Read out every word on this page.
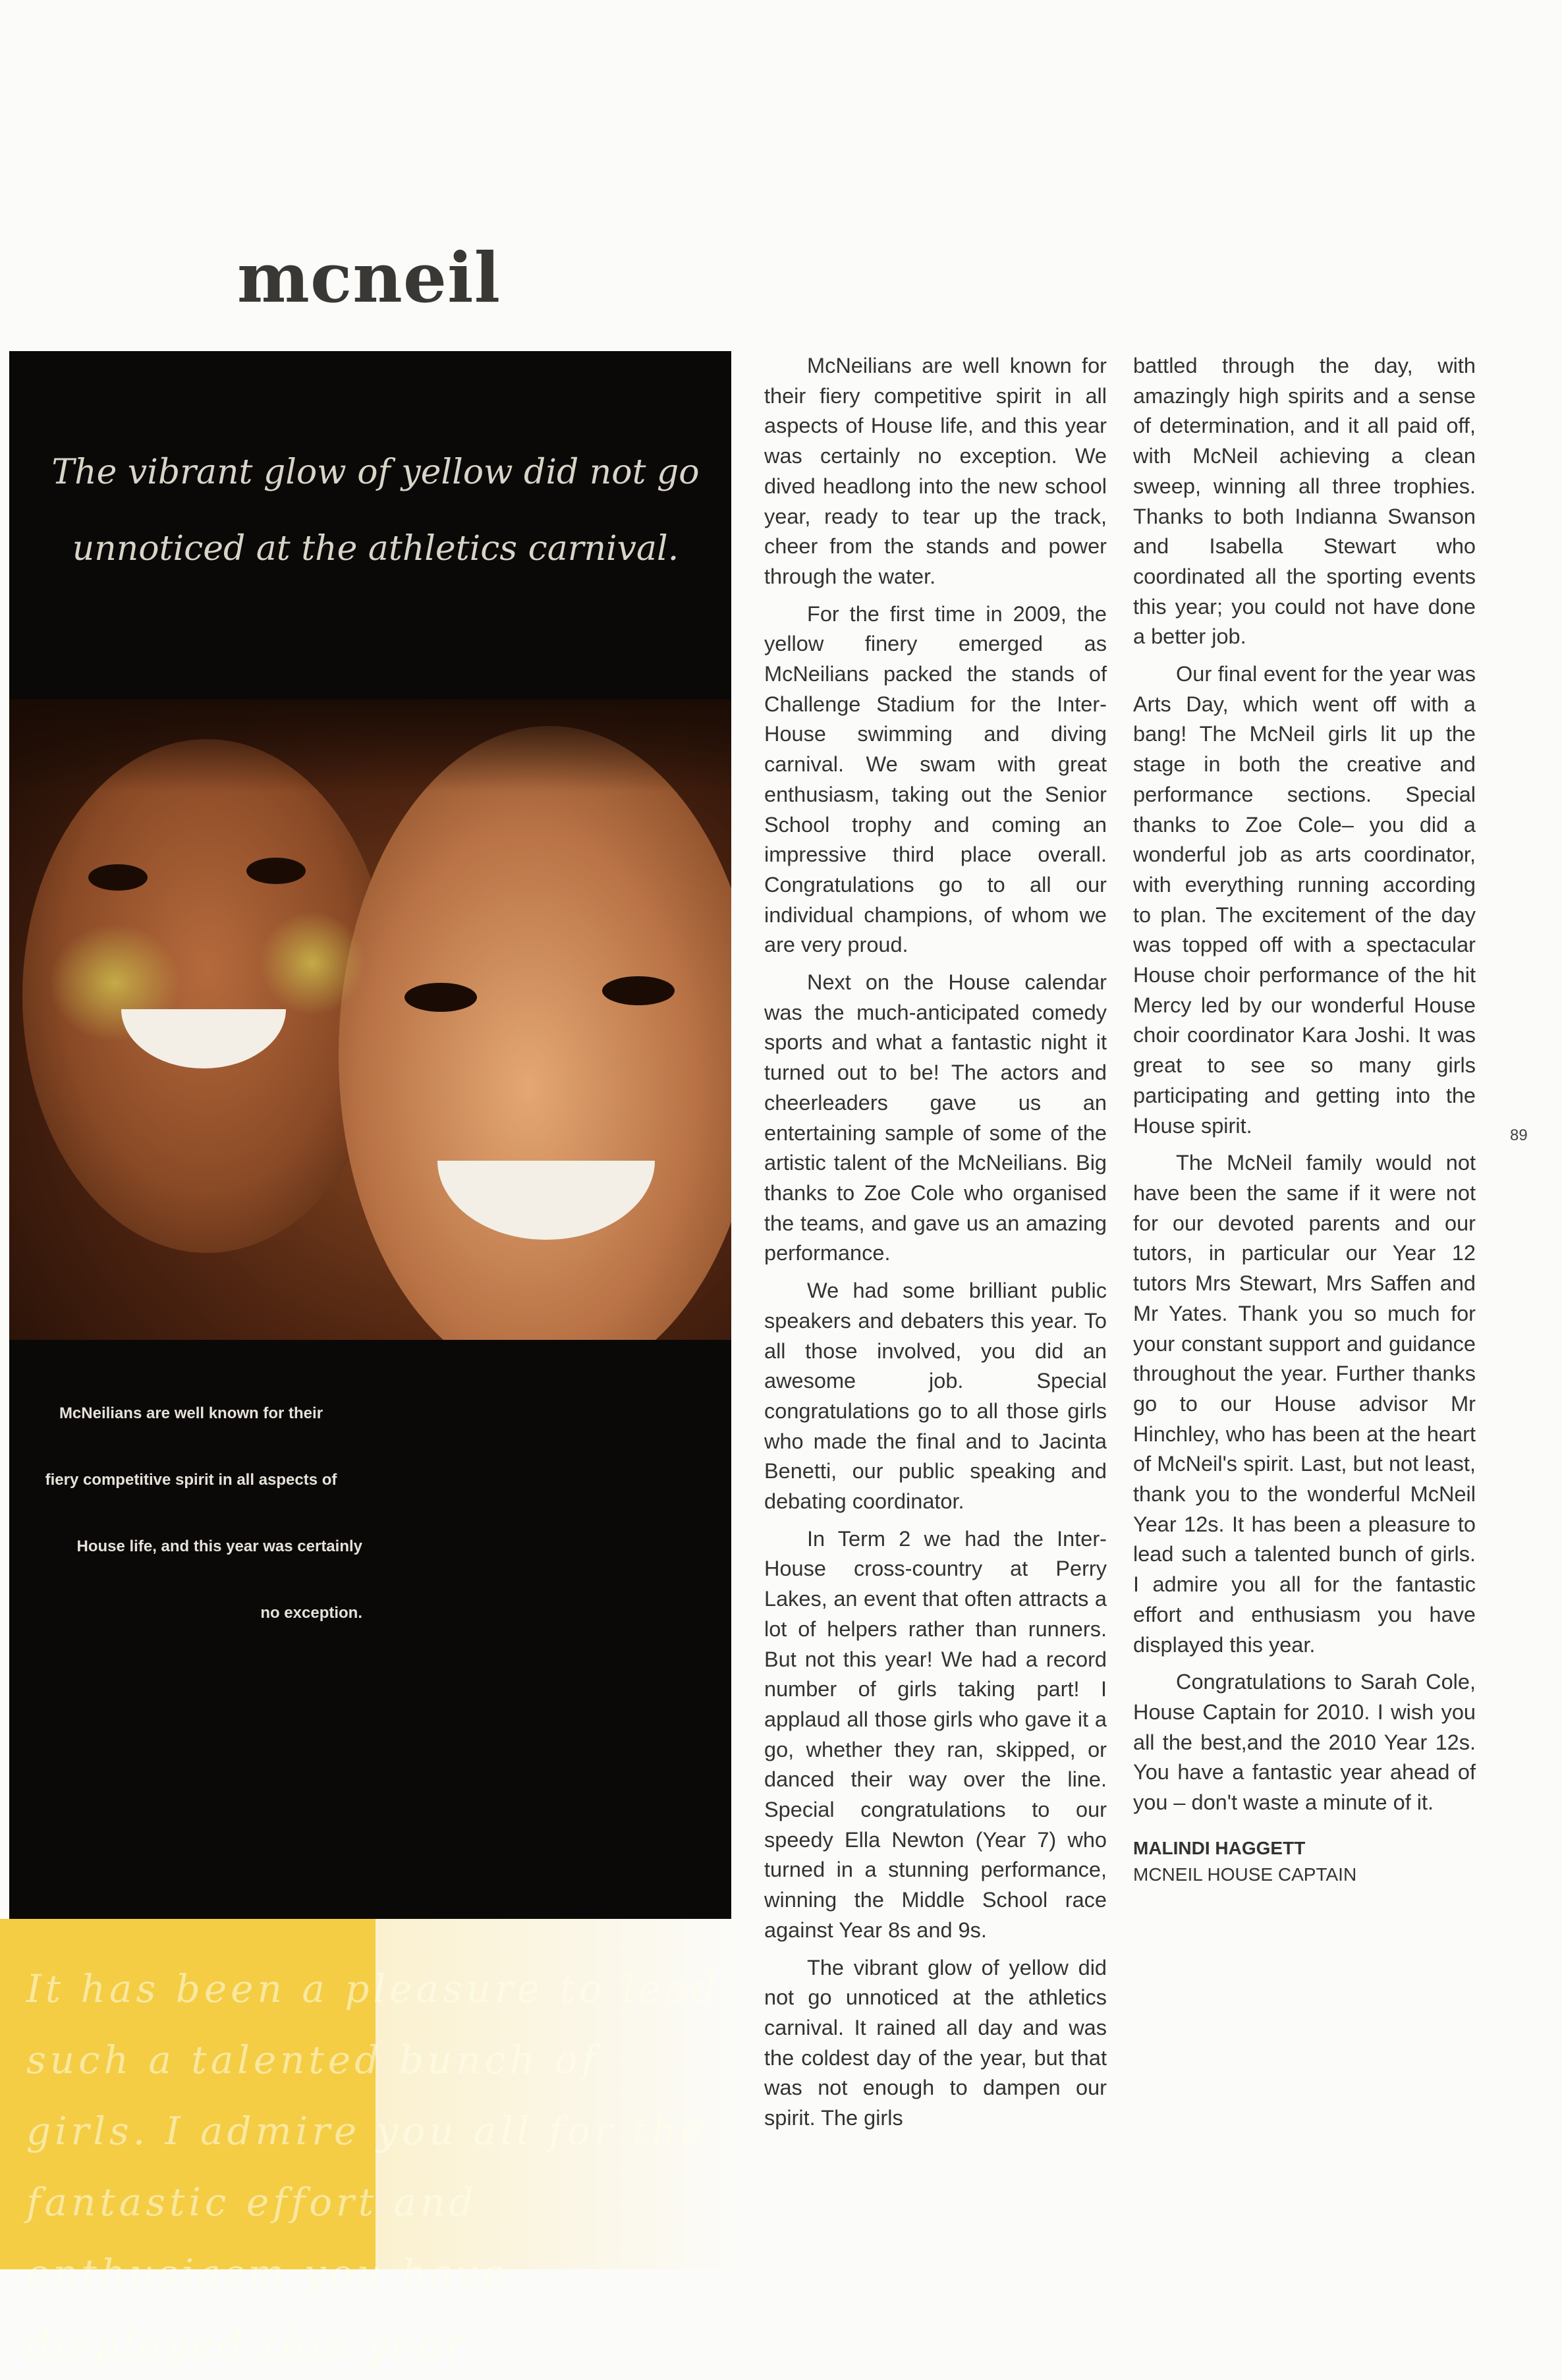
mcneil
The vibrant glow of yellow did not go unnoticed at the athletics carnival.
McNeilians are well known for their
fiery competitive spirit in all aspects of
House life, and this year was certainly
no exception.
It has been a pleasure to lead such a talented bunch of girls. I admire you all for the fantastic effort and enthusiasm you have displayed this year.

McNeilians are well known for their fiery competitive spirit in all aspects of House life, and this year was certainly no exception. We dived headlong into the new school year, ready to tear up the track, cheer from the stands and power through the water.

For the first time in 2009, the yellow finery emerged as McNeilians packed the stands of Challenge Stadium for the Inter-House swimming and diving carnival. We swam with great enthusiasm, taking out the Senior School trophy and coming an impressive third place overall. Congratulations go to all our individual champions, of whom we are very proud.

Next on the House calendar was the much-anticipated comedy sports and what a fantastic night it turned out to be! The actors and cheerleaders gave us an entertaining sample of some of the artistic talent of the McNeilians. Big thanks to Zoe Cole who organised the teams, and gave us an amazing performance.

We had some brilliant public speakers and debaters this year. To all those involved, you did an awesome job. Special congratulations go to all those girls who made the final and to Jacinta Benetti, our public speaking and debating coordinator.

In Term 2 we had the Inter-House cross-country at Perry Lakes, an event that often attracts a lot of helpers rather than runners. But not this year! We had a record number of girls taking part! I applaud all those girls who gave it a go, whether they ran, skipped, or danced their way over the line. Special congratulations to our speedy Ella Newton (Year 7) who turned in a stunning performance, winning the Middle School race against Year 8s and 9s.

The vibrant glow of yellow did not go unnoticed at the athletics carnival. It rained all day and was the coldest day of the year, but that was not enough to dampen our spirit. The girls

battled through the day, with amazingly high spirits and a sense of determination, and it all paid off, with McNeil achieving a clean sweep, winning all three trophies. Thanks to both Indianna Swanson and Isabella Stewart who coordinated all the sporting events this year; you could not have done a better job.

Our final event for the year was Arts Day, which went off with a bang! The McNeil girls lit up the stage in both the creative and performance sections. Special thanks to Zoe Cole– you did a wonderful job as arts coordinator, with everything running according to plan. The excitement of the day was topped off with a spectacular House choir performance of the hit Mercy led by our wonderful House choir coordinator Kara Joshi. It was great to see so many girls participating and getting into the House spirit.

The McNeil family would not have been the same if it were not for our devoted parents and our tutors, in particular our Year 12 tutors Mrs Stewart, Mrs Saffen and Mr Yates. Thank you so much for your constant support and guidance throughout the year. Further thanks go to our House advisor Mr Hinchley, who has been at the heart of McNeil's spirit. Last, but not least, thank you to the wonderful McNeil Year 12s. It has been a pleasure to lead such a talented bunch of girls. I admire you all for the fantastic effort and enthusiasm you have displayed this year.

Congratulations to Sarah Cole, House Captain for 2010. I wish you all the best,and the 2010 Year 12s. You have a fantastic year ahead of you – don't waste a minute of it.

MALINDI HAGGETT
MCNEIL HOUSE CAPTAIN
89
